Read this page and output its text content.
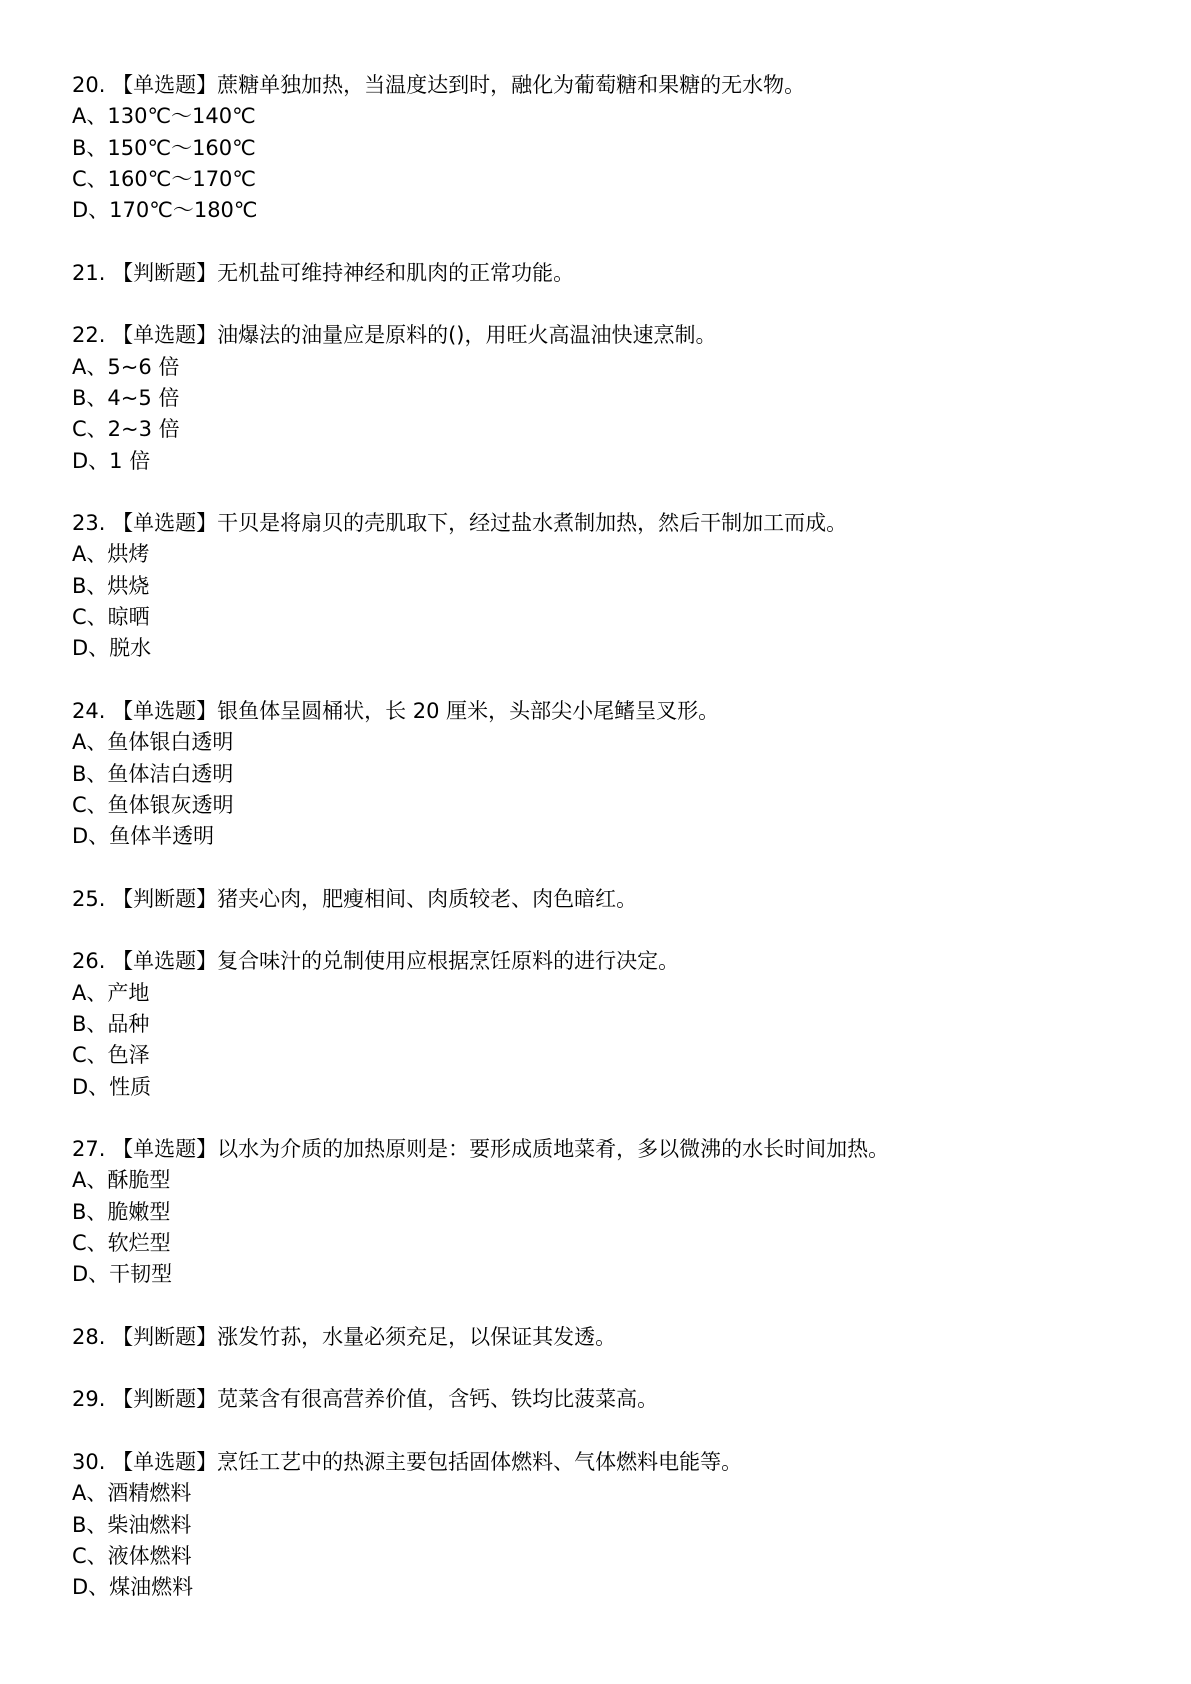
20. 【单选题】蔗糖单独加热，当温度达到时，融化为葡萄糖和果糖的无水物。
A、130℃～140℃
B、150℃～160℃
C、160℃～170℃
D、170℃～180℃
21. 【判断题】无机盐可维持神经和肌肉的正常功能。
22. 【单选题】油爆法的油量应是原料的()，用旺火高温油快速烹制。
A、5~6 倍
B、4~5 倍
C、2~3 倍
D、1 倍
23. 【单选题】干贝是将扇贝的壳肌取下，经过盐水煮制加热，然后干制加工而成。
A、烘烤
B、烘烧
C、晾晒
D、脱水
24. 【单选题】银鱼体呈圆桶状，长 20 厘米，头部尖小尾鳍呈叉形。
A、鱼体银白透明
B、鱼体洁白透明
C、鱼体银灰透明
D、鱼体半透明
25. 【判断题】猪夹心肉，肥瘦相间、肉质较老、肉色暗红。
26. 【单选题】复合味汁的兑制使用应根据烹饪原料的进行决定。
A、产地
B、品种
C、色泽
D、性质
27. 【单选题】以水为介质的加热原则是：要形成质地菜肴，多以微沸的水长时间加热。
A、酥脆型
B、脆嫩型
C、软烂型
D、干韧型
28. 【判断题】涨发竹荪，水量必须充足，以保证其发透。
29. 【判断题】苋菜含有很高营养价值，含钙、铁均比菠菜高。
30. 【单选题】烹饪工艺中的热源主要包括固体燃料、气体燃料电能等。
A、酒精燃料
B、柴油燃料
C、液体燃料
D、煤油燃料
